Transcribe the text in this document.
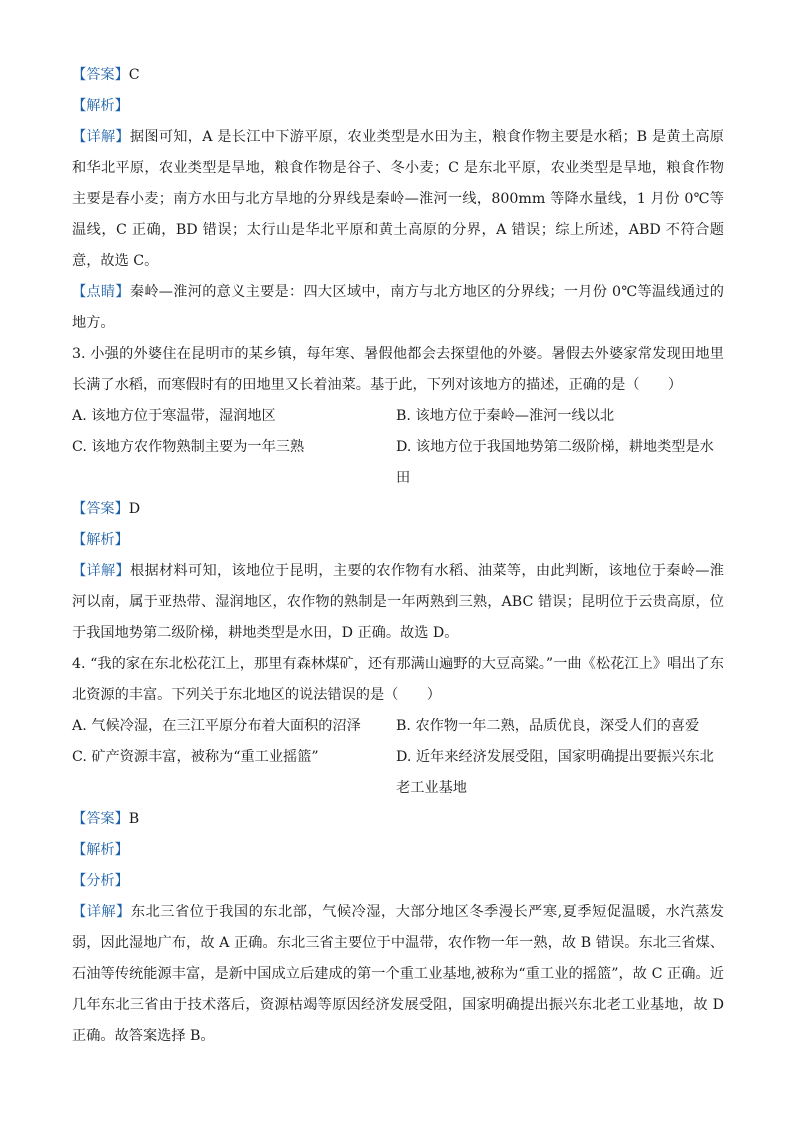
【答案】C
【解析】
【详解】据图可知，A 是长江中下游平原，农业类型是水田为主，粮食作物主要是水稻；B 是黄土高原和华北平原，农业类型是旱地，粮食作物是谷子、冬小麦；C 是东北平原，农业类型是旱地，粮食作物主要是春小麦；南方水田与北方旱地的分界线是秦岭—淮河一线，800mm 等降水量线，1 月份 0℃等温线，C 正确，BD 错误；太行山是华北平原和黄土高原的分界，A 错误；综上所述，ABD 不符合题意，故选 C。
【点睛】秦岭—淮河的意义主要是：四大区域中，南方与北方地区的分界线；一月份 0℃等温线通过的地方。
3. 小强的外婆住在昆明市的某乡镇，每年寒、暑假他都会去探望他的外婆。暑假去外婆家常发现田地里长满了水稻，而寒假时有的田地里又长着油菜。基于此，下列对该地方的描述，正确的是（　　）
A. 该地方位于寒温带，湿润地区	B. 该地方位于秦岭—淮河一线以北
C. 该地方农作物熟制主要为一年三熟	D. 该地方位于我国地势第二级阶梯，耕地类型是水田
【答案】D
【解析】
【详解】根据材料可知，该地位于昆明，主要的农作物有水稻、油菜等，由此判断，该地位于秦岭—淮河以南，属于亚热带、湿润地区，农作物的熟制是一年两熟到三熟，ABC 错误；昆明位于云贵高原，位于我国地势第二级阶梯，耕地类型是水田，D 正确。故选 D。
4. “我的家在东北松花江上，那里有森林煤矿，还有那满山遍野的大豆高粱。”一曲《松花江上》唱出了东北资源的丰富。下列关于东北地区的说法错误的是（　　）
A. 气候冷湿，在三江平原分布着大面积的沼泽	B. 农作物一年二熟，品质优良，深受人们的喜爱
C. 矿产资源丰富，被称为“重工业摇篮”	D. 近年来经济发展受阻，国家明确提出要振兴东北老工业基地
【答案】B
【解析】
【分析】
【详解】东北三省位于我国的东北部，气候冷湿，大部分地区冬季漫长严寒,夏季短促温暖，水汽蒸发弱，因此湿地广布，故 A 正确。东北三省主要位于中温带，农作物一年一熟，故 B 错误。东北三省煤、石油等传统能源丰富，是新中国成立后建成的第一个重工业基地,被称为“重工业的摇篮”，故 C 正确。近几年东北三省由于技术落后，资源枯竭等原因经济发展受阻，国家明确提出振兴东北老工业基地，故 D 正确。故答案选择 B。
